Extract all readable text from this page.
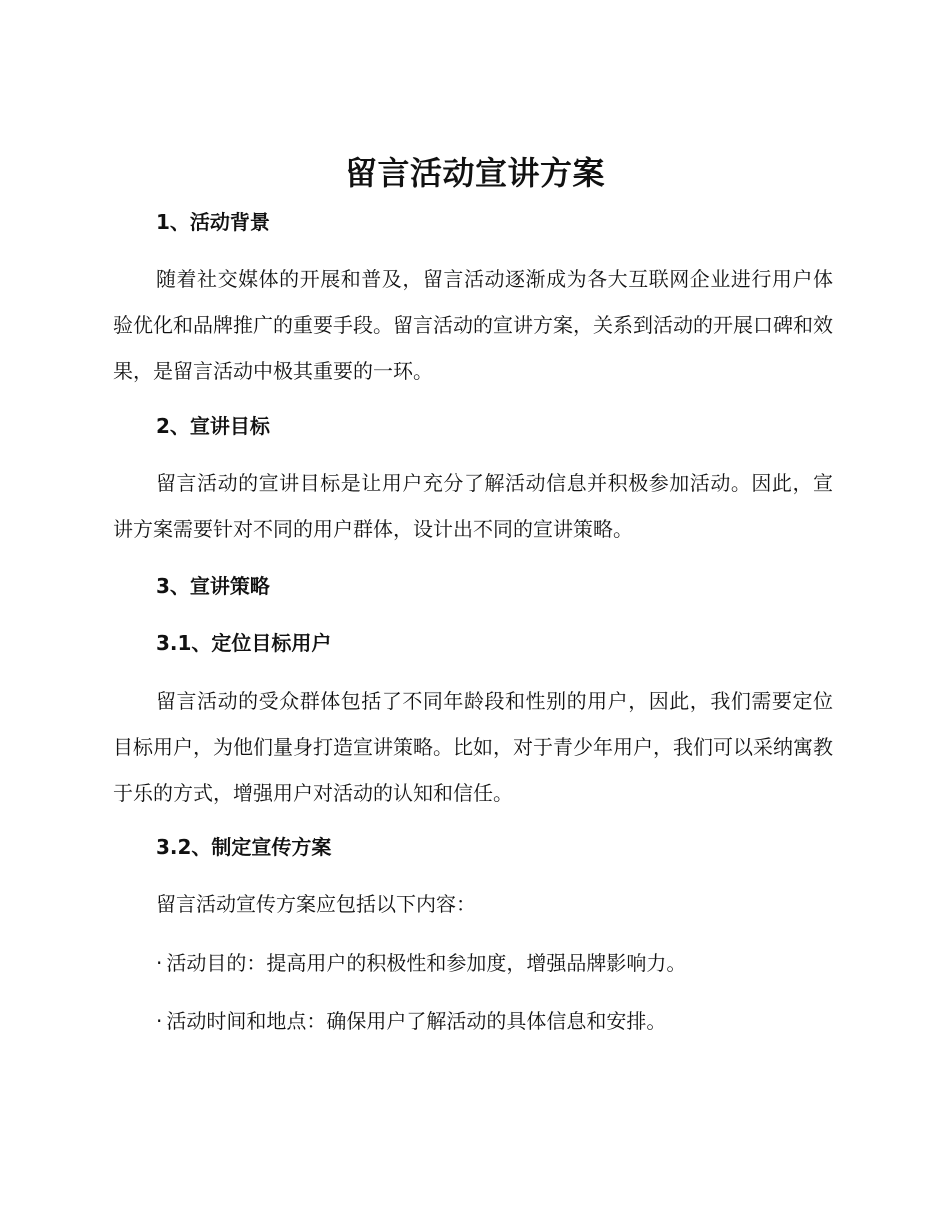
留言活动宣讲方案
1、活动背景

随着社交媒体的开展和普及，留言活动逐渐成为各大互联网企业进行用户体验优化和品牌推广的重要手段。留言活动的宣讲方案，关系到活动的开展口碑和效果，是留言活动中极其重要的一环。

2、宣讲目标

留言活动的宣讲目标是让用户充分了解活动信息并积极参加活动。因此，宣讲方案需要针对不同的用户群体，设计出不同的宣讲策略。

3、宣讲策略
3.1、定位目标用户

留言活动的受众群体包括了不同年龄段和性别的用户，因此，我们需要定位目标用户，为他们量身打造宣讲策略。比如，对于青少年用户，我们可以采纳寓教于乐的方式，增强用户对活动的认知和信任。

3.2、制定宣传方案

留言活动宣传方案应包括以下内容：

· 活动目的：提高用户的积极性和参加度，增强品牌影响力。

· 活动时间和地点：确保用户了解活动的具体信息和安排。
